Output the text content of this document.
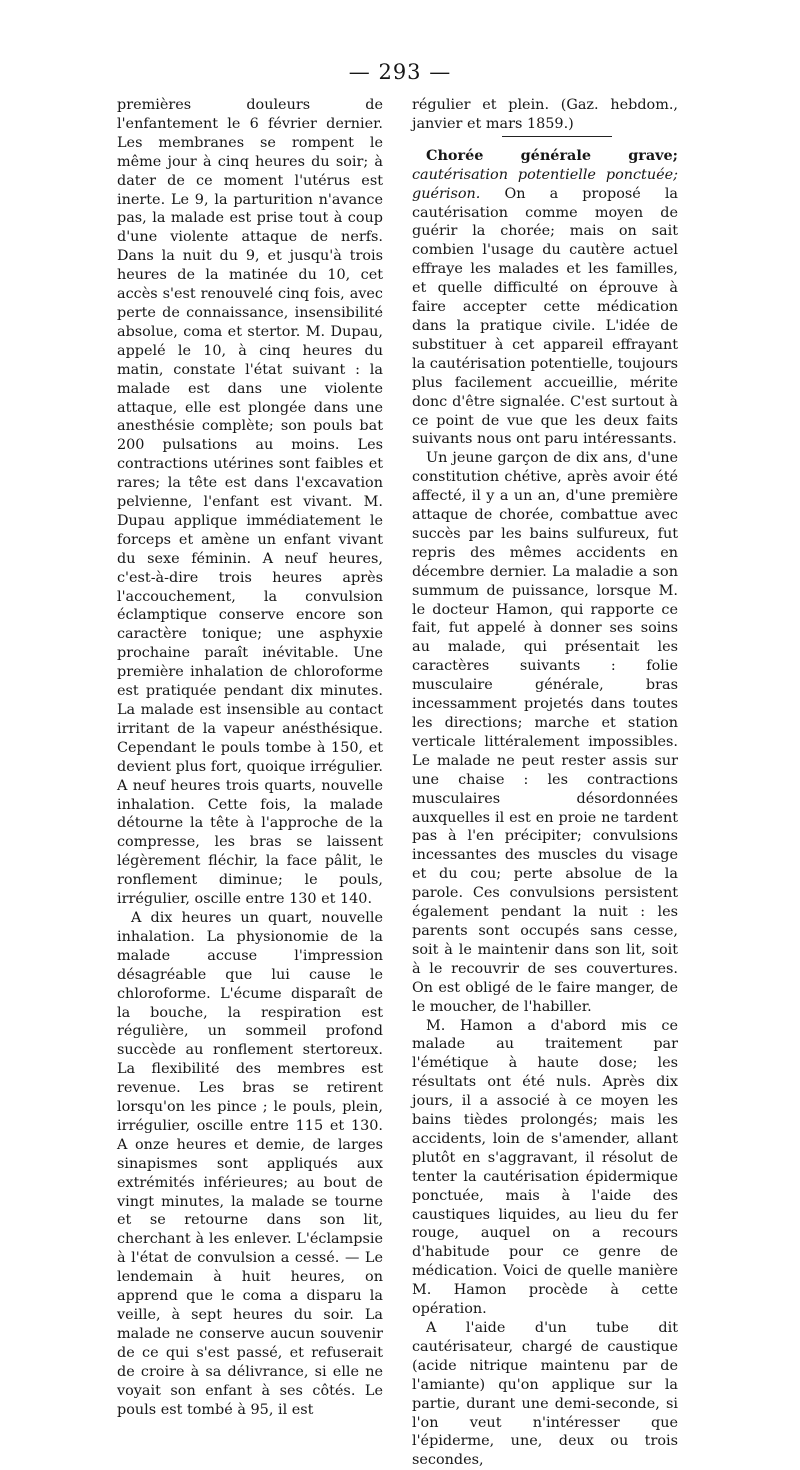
— 293 —

premières douleurs de l'enfantement le 6 février dernier. Les membranes se rompent le même jour à cinq heures du soir; à dater de ce moment l'utérus est inerte. Le 9, la parturition n'avance pas, la malade est prise tout à coup d'une violente attaque de nerfs. Dans la nuit du 9, et jusqu'à trois heures de la matinée du 10, cet accès s'est renouvelé cinq fois, avec perte de connaissance, insensibilité absolue, coma et stertor. M. Dupau, appelé le 10, à cinq heures du matin, constate l'état suivant : la malade est dans une violente attaque, elle est plongée dans une anesthésie complète; son pouls bat 200 pulsations au moins. Les contractions utérines sont faibles et rares; la tête est dans l'excavation pelvienne, l'enfant est vivant. M. Dupau applique immédiatement le forceps et amène un enfant vivant du sexe féminin. A neuf heures, c'est-à-dire trois heures après l'accouchement, la convulsion éclamptique conserve encore son caractère tonique; une asphyxie prochaine paraît inévitable. Une première inhalation de chloroforme est pratiquée pendant dix minutes. La malade est insensible au contact irritant de la vapeur anésthésique. Cependant le pouls tombe à 150, et devient plus fort, quoique irrégulier. A neuf heures trois quarts, nouvelle inhalation. Cette fois, la malade détourne la tête à l'approche de la compresse, les bras se laissent légèrement fléchir, la face pâlit, le ronflement diminue; le pouls, irrégulier, oscille entre 130 et 140.

A dix heures un quart, nouvelle inhalation. La physionomie de la malade accuse l'impression désagréable que lui cause le chloroforme. L'écume disparaît de la bouche, la respiration est régulière, un sommeil profond succède au ronflement stertoreux. La flexibilité des membres est revenue. Les bras se retirent lorsqu'on les pince ; le pouls, plein, irrégulier, oscille entre 115 et 130. A onze heures et demie, de larges sinapismes sont appliqués aux extrémités inférieures; au bout de vingt minutes, la malade se tourne et se retourne dans son lit, cherchant à les enlever. L'éclampsie à l'état de convulsion a cessé. — Le lendemain à huit heures, on apprend que le coma a disparu la veille, à sept heures du soir. La malade ne conserve aucun souvenir de ce qui s'est passé, et refuserait de croire à sa délivrance, si elle ne voyait son enfant à ses côtés. Le pouls est tombé à 95, il est

régulier et plein. (Gaz. hebdom., janvier et mars 1859.)

Chorée générale grave; cautérisation potentielle ponctuée; guérison. On a proposé la cautérisation comme moyen de guérir la chorée; mais on sait combien l'usage du cautère actuel effraye les malades et les familles, et quelle difficulté on éprouve à faire accepter cette médication dans la pratique civile. L'idée de substituer à cet appareil effrayant la cautérisation potentielle, toujours plus facilement accueillie, mérite donc d'être signalée. C'est surtout à ce point de vue que les deux faits suivants nous ont paru intéressants.

Un jeune garçon de dix ans, d'une constitution chétive, après avoir été affecté, il y a un an, d'une première attaque de chorée, combattue avec succès par les bains sulfureux, fut repris des mêmes accidents en décembre dernier. La maladie a son summum de puissance, lorsque M. le docteur Hamon, qui rapporte ce fait, fut appelé à donner ses soins au malade, qui présentait les caractères suivants : folie musculaire générale, bras incessamment projetés dans toutes les directions; marche et station verticale littéralement impossibles. Le malade ne peut rester assis sur une chaise : les contractions musculaires désordonnées auxquelles il est en proie ne tardent pas à l'en précipiter; convulsions incessantes des muscles du visage et du cou; perte absolue de la parole. Ces convulsions persistent également pendant la nuit : les parents sont occupés sans cesse, soit à le maintenir dans son lit, soit à le recouvrir de ses couvertures. On est obligé de le faire manger, de le moucher, de l'habiller.

M. Hamon a d'abord mis ce malade au traitement par l'émétique à haute dose; les résultats ont été nuls. Après dix jours, il a associé à ce moyen les bains tièdes prolongés; mais les accidents, loin de s'amender, allant plutôt en s'aggravant, il résolut de tenter la cautérisation épidermique ponctuée, mais à l'aide des caustiques liquides, au lieu du fer rouge, auquel on a recours d'habitude pour ce genre de médication. Voici de quelle manière M. Hamon procède à cette opération.

A l'aide d'un tube dit cautérisateur, chargé de caustique (acide nitrique maintenu par de l'amiante) qu'on applique sur la partie, durant une demi-seconde, si l'on veut n'intéresser que l'épiderme, une, deux ou trois secondes,
